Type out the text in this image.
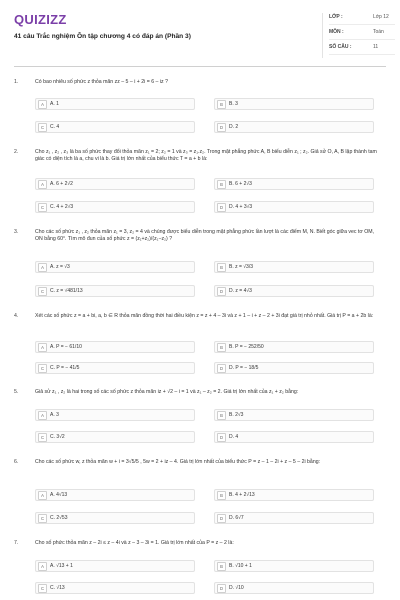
QUIZIZZ
41 câu Trắc nghiệm Ôn tập chương 4 có đáp án (Phần 3)
LỚP :	Lớp 12
MÔN :	Toán
SỐ CÂU :	11
1.	Có bao nhiêu số phức z thỏa mãn zz – 5 – i + 2i = 6 – iz ?
A	A. 1	B	B. 3
C	C. 4	D	D. 2
2.	Cho z₁ , z₂ , z₃ là ba số phức thay đổi thỏa mãn z₁ = 2; z₂ = 1 và z₃ = z₁.z₂. Trong mặt phẳng phức A, B biểu diễn z₁ ; z₂. Giả sử O, A, B lập thành tam giác có diện tích là a, chu vi là b. Giá trị lớn nhất của biểu thức T = a + b là:
A	A. 6 + 2√2	B	B. 6 + 2√3
C	C. 4 + 2√3	D	D. 4 + 3√3
3.	Cho các số phức z₁ , z₂ thỏa mãn z₁ = 3, z₂ = 4 và chúng được biểu diễn trong mặt phẳng phức lần lượt là các điểm M, N. Biết góc giữa vec tơ OM, ON bằng 60°. Tìm mô đun của số phức z = (z₁+z₂)/(z₁−z₂) ?
A	A. z = √3	B	B. z = √3/3
C	C. z = √481/13	D	D. z = 4√3
4.	Xét các số phức z = a + bi, a, b ∈ R thỏa mãn đồng thời hai điều kiện z = z + 4 – 3i và z + 1 – i + z – 2 + 3i đạt giá trị nhỏ nhất. Giá trị P = a + 2b là:
A	A. P = − 61/10	B	B. P = − 252/50
C	C. P = − 41/5	D	D. P = − 18/5
5.	Giả sử z₁ , z₂ là hai trong số các số phức z thỏa mãn iz + √2 – i = 1 và z₁ – z₂ = 2. Giá trị lớn nhất của z₁ + z₂ bằng:
A	A. 3	B	B. 2√3
C	C. 3√2	D	D. 4
6.	Cho các số phức w, z thỏa mãn w + i = 3√5/5 , 5w = 2 + iz – 4. Giá trị lớn nhất của biểu thức P = z – 1 – 2i + z – 5 – 2i bằng:
A	A. 4√13	B	B. 4 + 2√13
C	C. 2√53	D	D. 6√7
7.	Cho số phức thỏa mãn z – 2i ≤ z – 4i và z – 3 – 3i = 1. Giá trị lớn nhất của P = z – 2 là:
A	A. √13 + 1	B	B. √10 + 1
C	C. √13	D	D. √10
